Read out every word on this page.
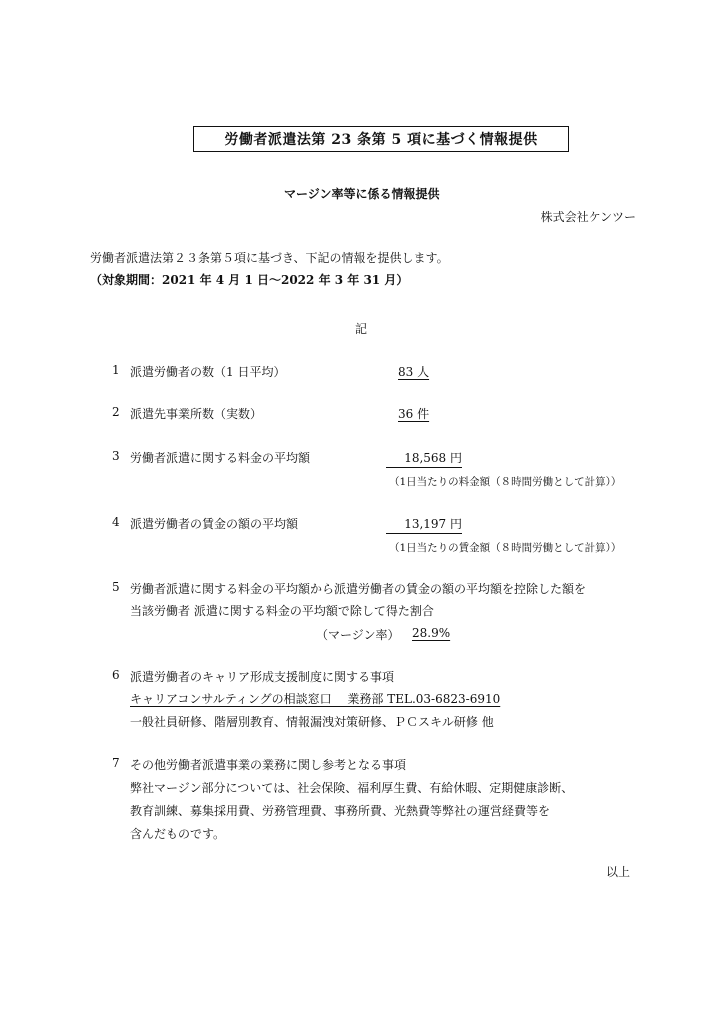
労働者派遣法第 23 条第 5 項に基づく情報提供
マージン率等に係る情報提供
株式会社ケンツー
労働者派遣法第２３条第５項に基づき、下記の情報を提供します。
（対象期間：2021 年 4 月 1 日～2022 年 3 年 31 月）
記
1 派遣労働者の数（1 日平均）	83 人
2 派遣先事業所数（実数）	36 件
3 労働者派遣に関する料金の平均額	18,568 円
（1日当たりの料金額（８時間労働として計算））
4 派遣労働者の賃金の額の平均額	13,197 円
（1日当たりの賃金額（８時間労働として計算））
5 労働者派遣に関する料金の平均額から派遣労働者の賃金の額の平均額を控除した額を
当該労働者 派遣に関する料金の平均額で除して得た割合
（マージン率） 28.9%
6 派遣労働者のキャリア形成支援制度に関する事項
キャリアコンサルティングの相談窓口　 業務部 TEL.03-6823-6910
一般社員研修、階層別教育、情報漏洩対策研修、ＰＣスキル研修 他
7 その他労働者派遣事業の業務に関し参考となる事項
弊社マージン部分については、社会保険、福利厚生費、有給休暇、定期健康診断、
教育訓練、募集採用費、労務管理費、事務所費、光熱費等弊社の運営経費等を
含んだものです。
以上
